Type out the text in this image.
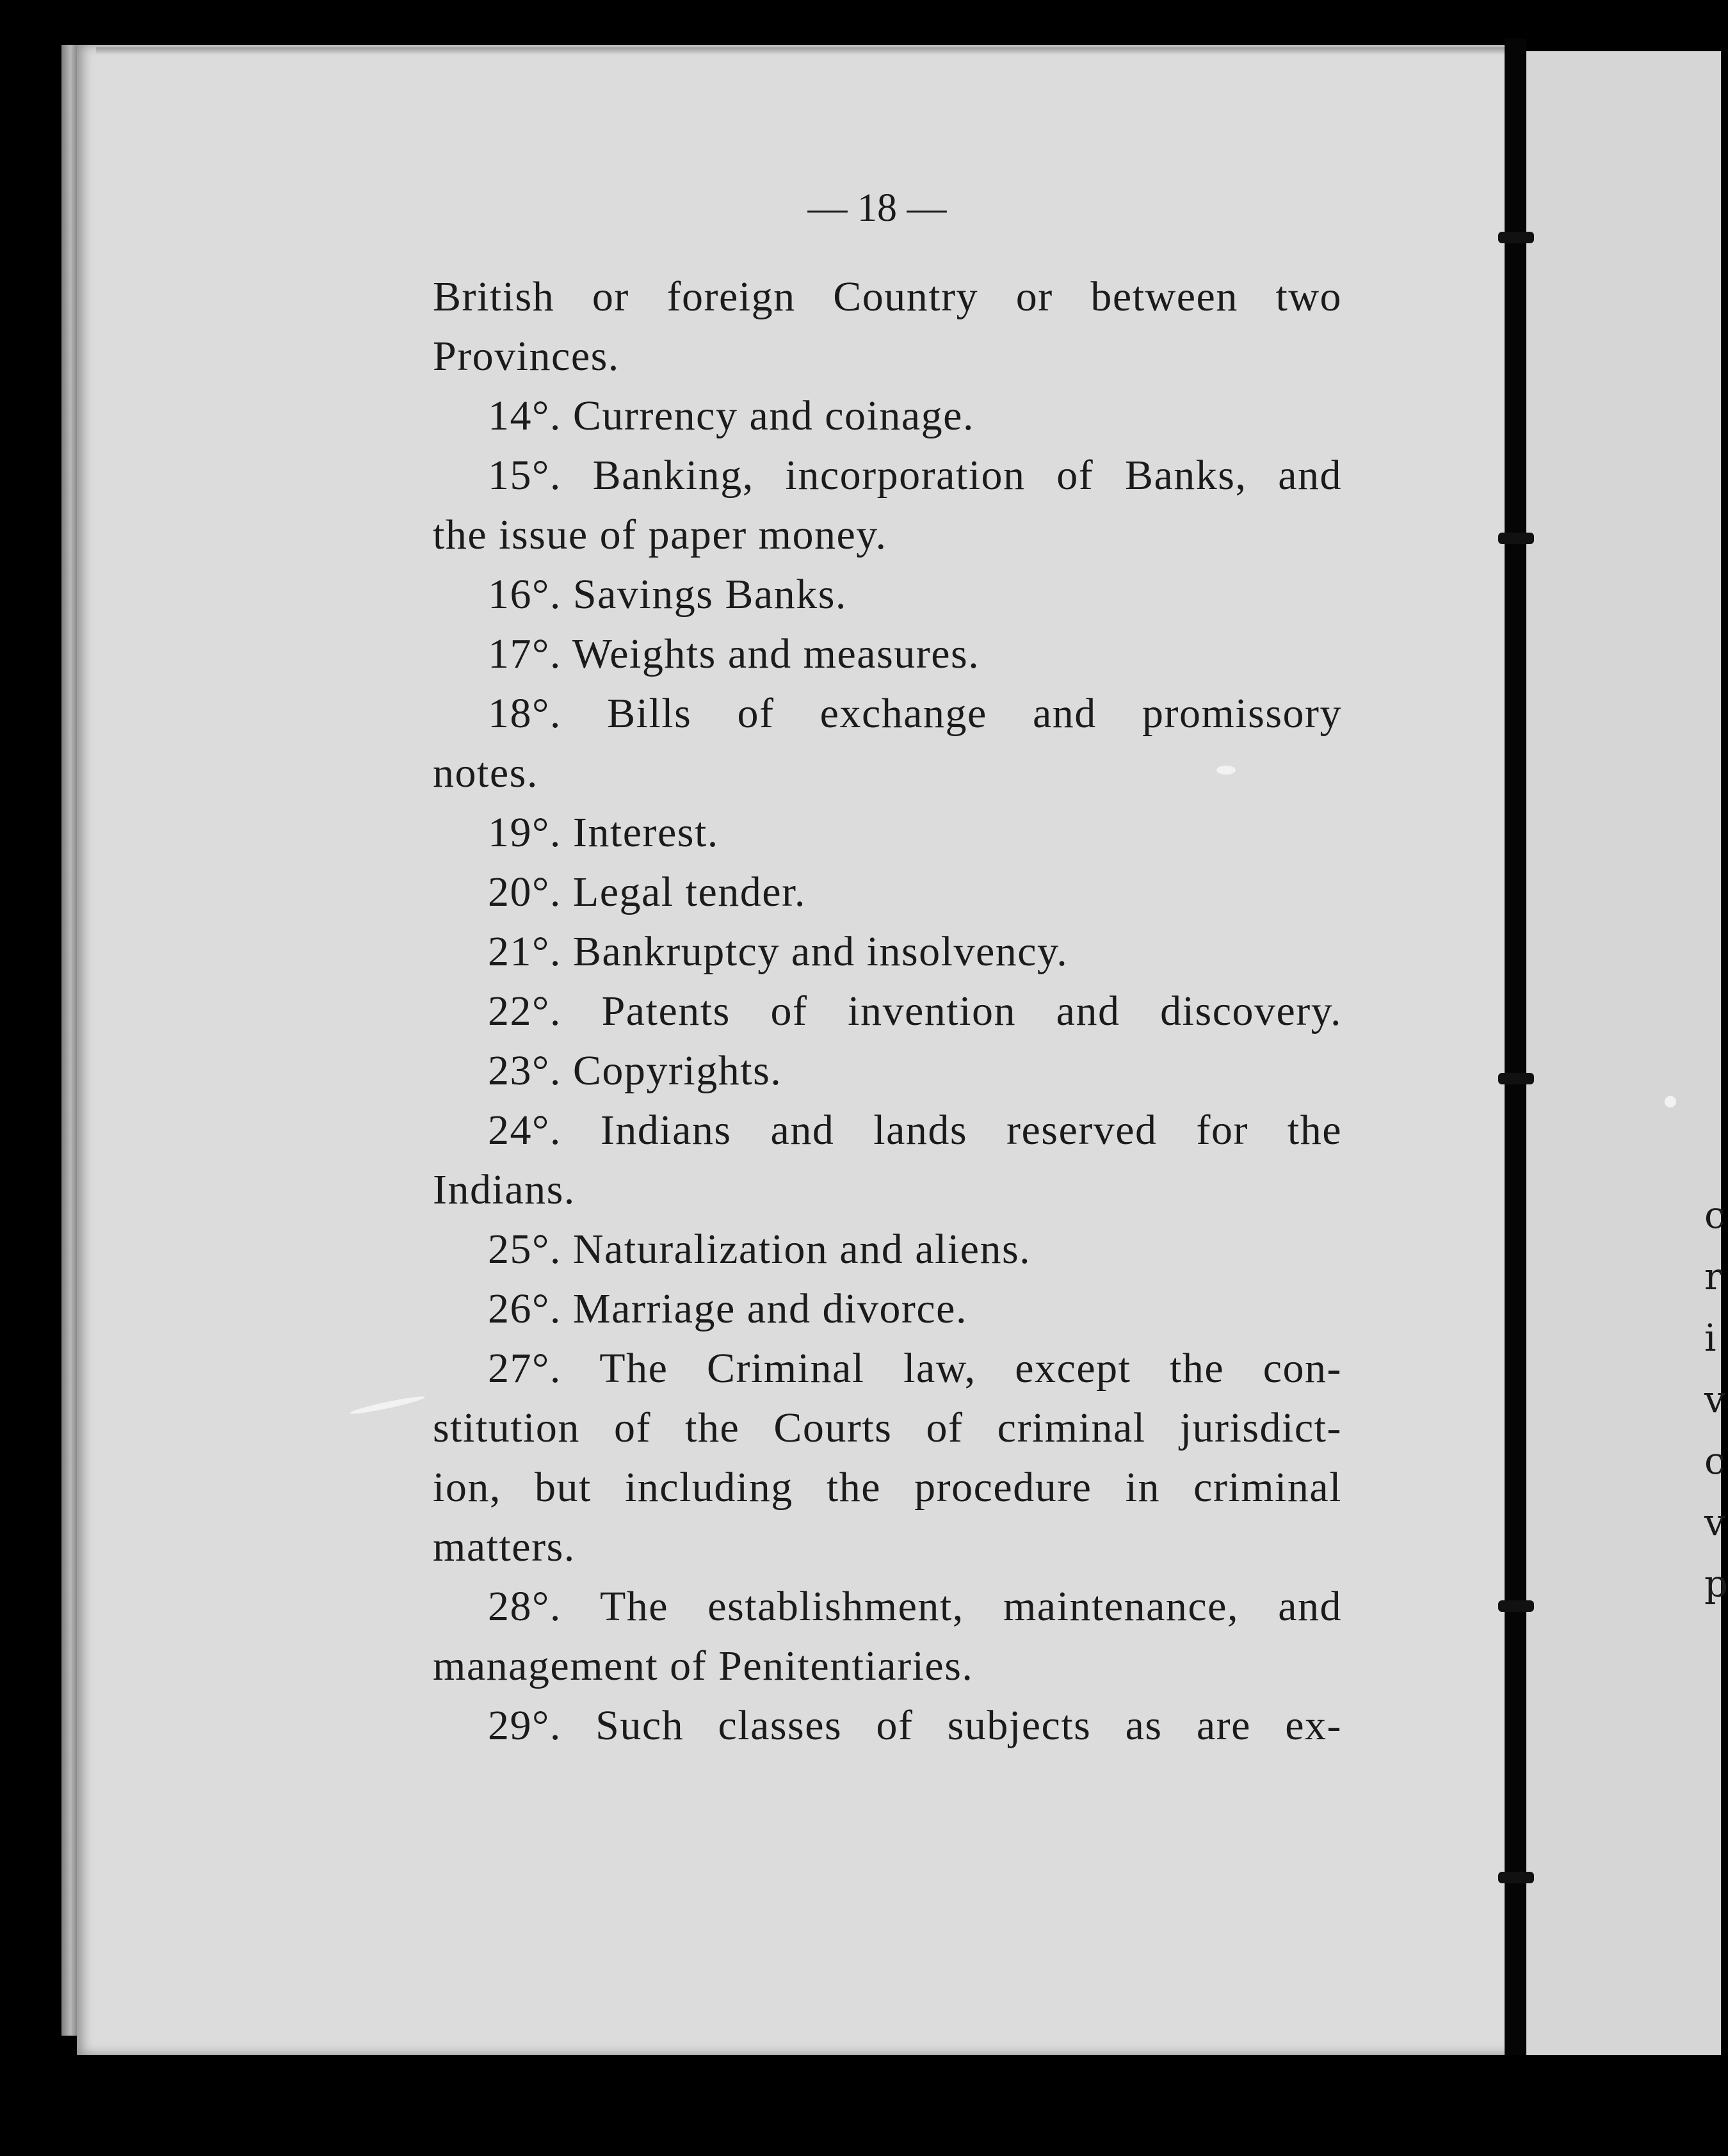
c
r
i
v
c
v
p
— 18 —
British or foreign Country or between two
Provinces.
14°. Currency and coinage.
15°. Banking, incorporation of Banks, and
the issue of paper money.
16°. Savings Banks.
17°. Weights and measures.
18°. Bills of exchange and promissory
notes.
19°. Interest.
20°. Legal tender.
21°. Bankruptcy and insolvency.
22°. Patents of invention and discovery.
23°. Copyrights.
24°. Indians and lands reserved for the
Indians.
25°. Naturalization and aliens.
26°. Marriage and divorce.
27°. The Criminal law, except the con-
stitution of the Courts of criminal jurisdict-
ion, but including the procedure in criminal
matters.
28°. The establishment, maintenance, and
management of Penitentiaries.
29°. Such classes of subjects as are ex-
